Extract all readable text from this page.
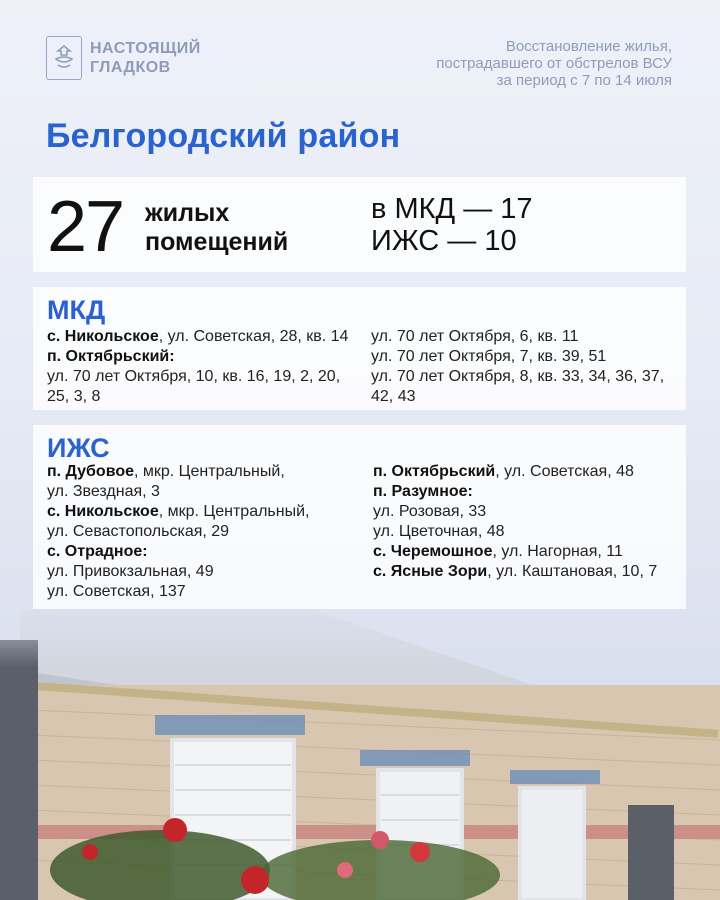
НАСТОЯЩИЙ
ГЛАДКОВ
Восстановление жилья,
пострадавшего от обстрелов ВСУ
за период с 7 по 14 июля
Белгородский район
27 жилых
помещений
в МКД — 17
ИЖС — 10
МКД
с. Никольское, ул. Советская, 28, кв. 14
п. Октябрьский:
ул. 70 лет Октября, 10, кв. 16, 19, 2, 20,
25, 3, 8
ул. 70 лет Октября, 6, кв. 11
ул. 70 лет Октября, 7, кв. 39, 51
ул. 70 лет Октября, 8, кв. 33, 34, 36, 37,
42, 43
ИЖС
п. Дубовое, мкр. Центральный,
ул. Звездная, 3
с. Никольское, мкр. Центральный,
ул. Севастопольская, 29
с. Отрадное:
ул. Привокзальная, 49
ул. Советская, 137
п. Октябрьский, ул. Советская, 48
п. Разумное:
ул. Розовая, 33
ул. Цветочная, 48
с. Черемошное, ул. Нагорная, 11
с. Ясные Зори, ул. Каштановая, 10, 7
